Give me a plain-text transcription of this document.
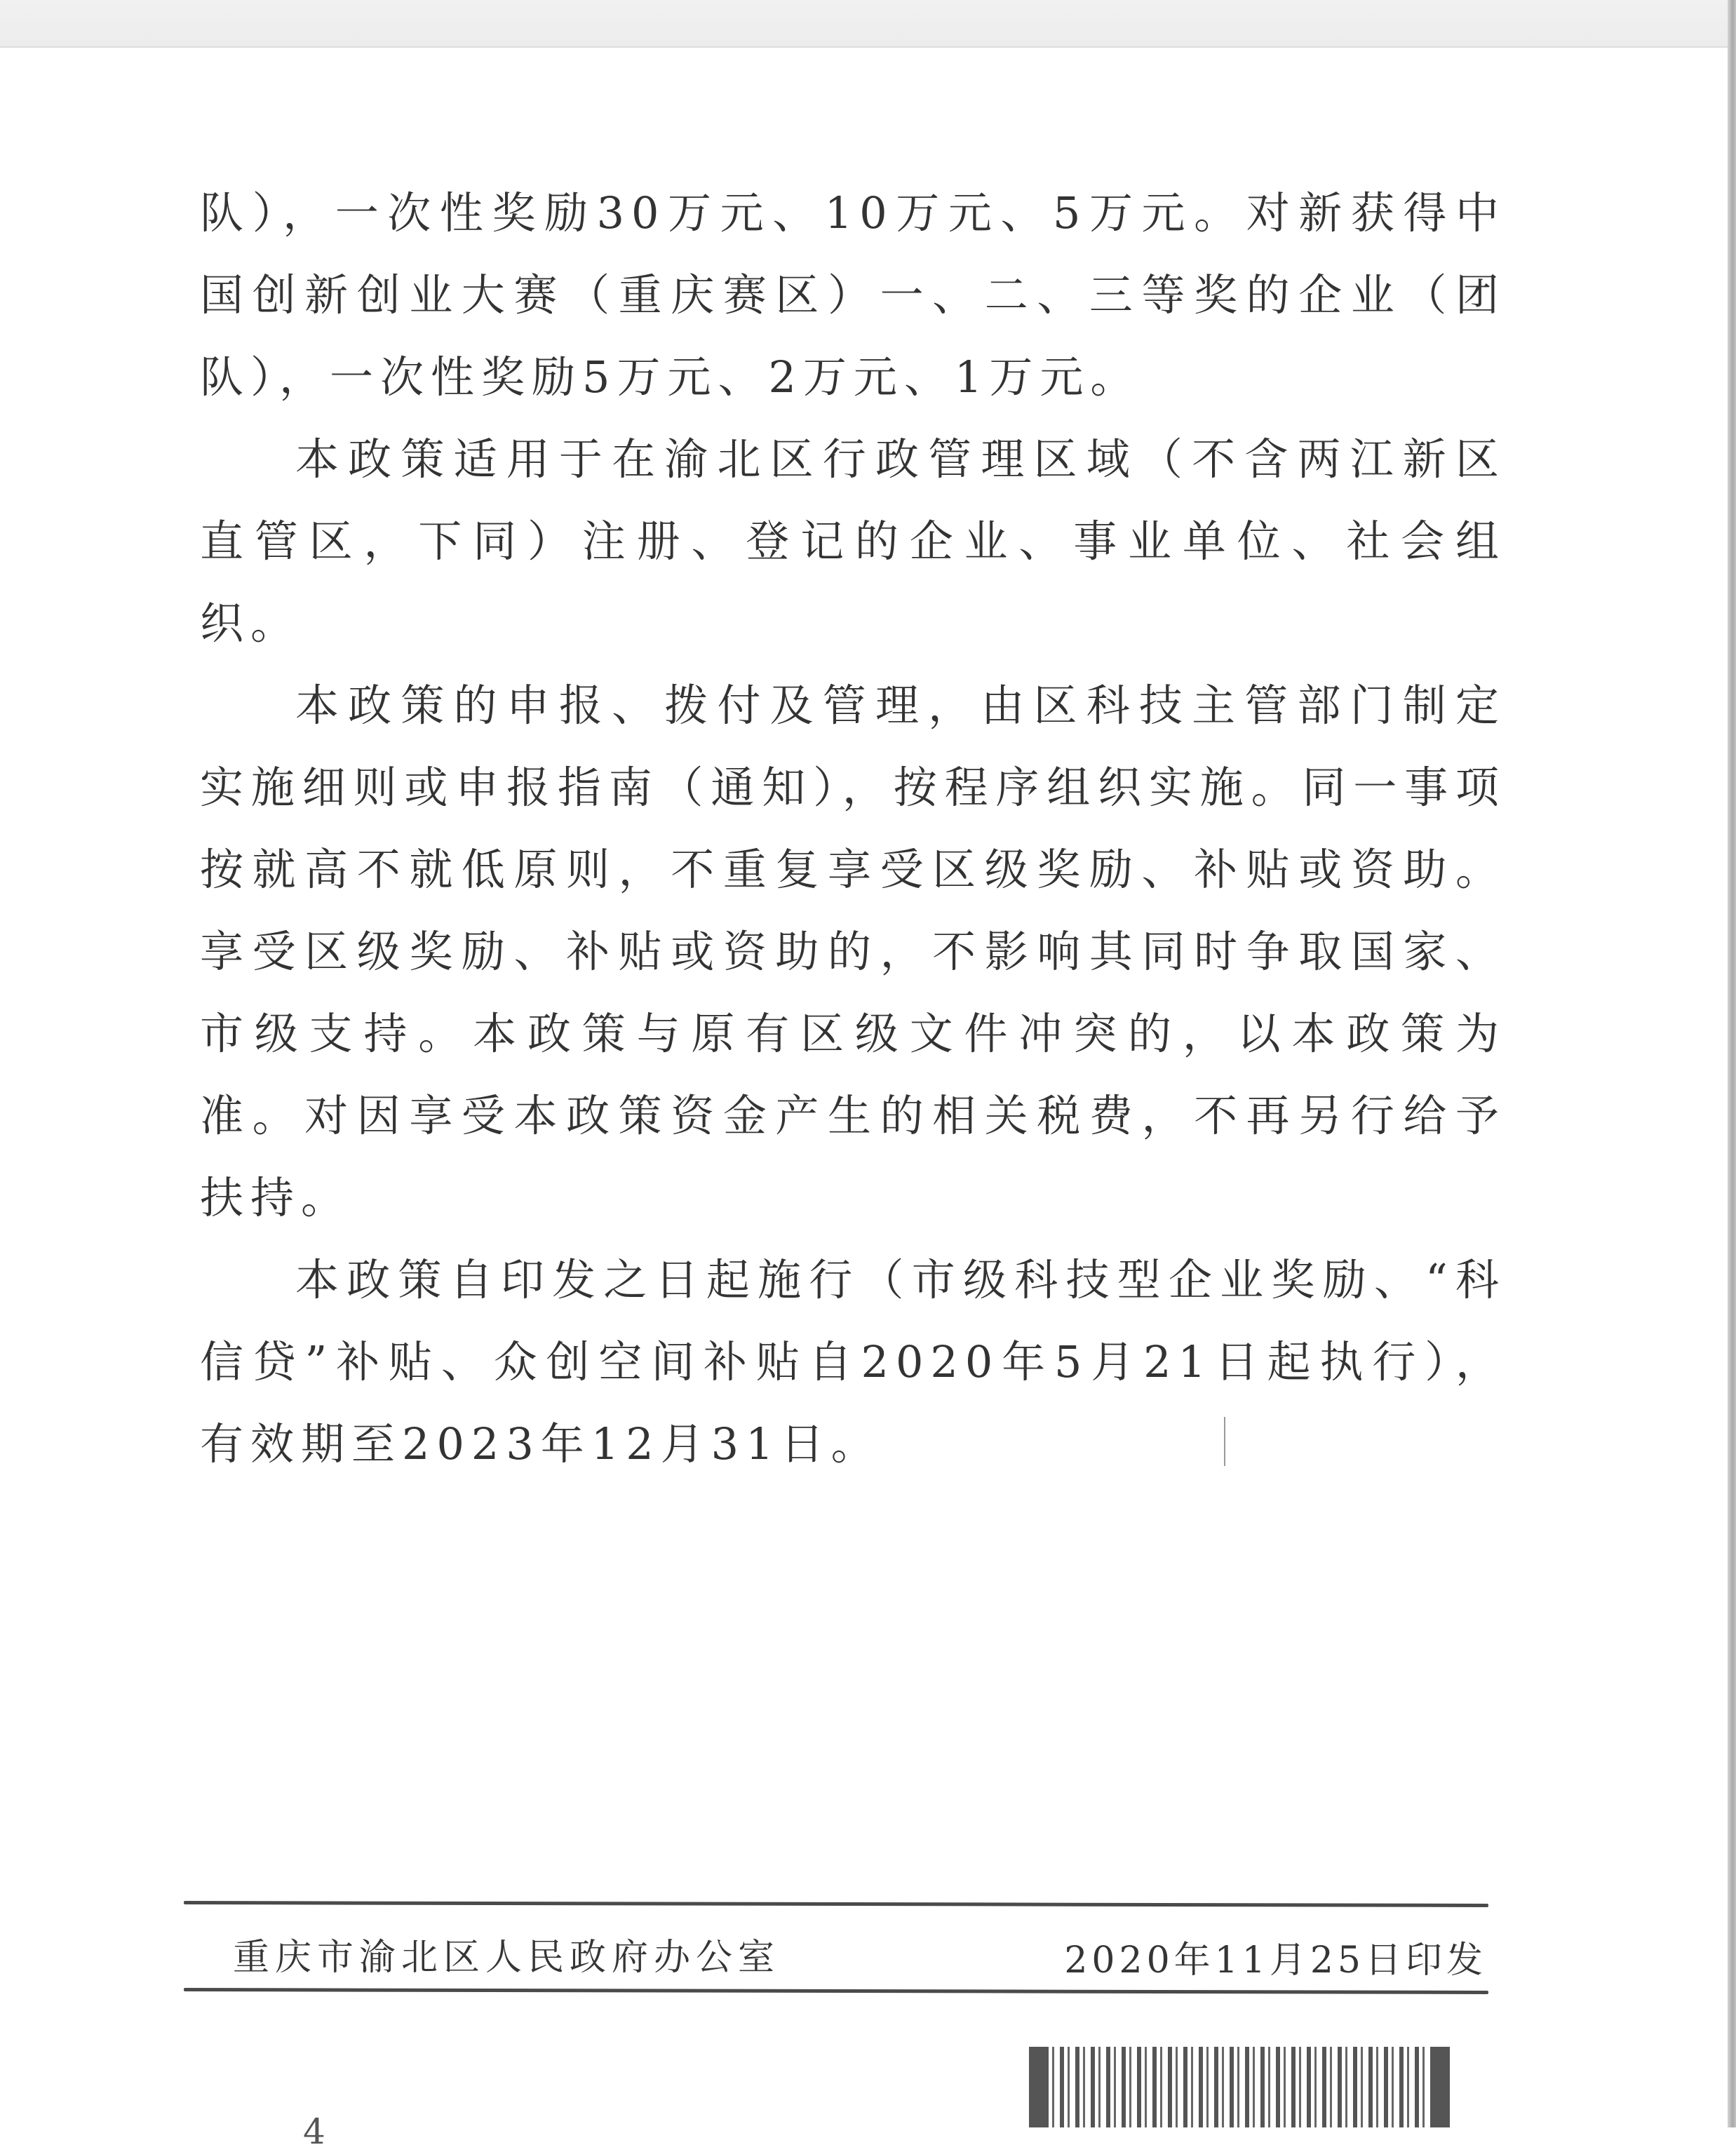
队），一次性奖励30万元、10万元、5万元。对新获得中国创新创业大赛（重庆赛区）一、二、三等奖的企业（团队），一次性奖励5万元、2万元、1万元。

本政策适用于在渝北区行政管理区域（不含两江新区直管区，下同）注册、登记的企业、事业单位、社会组织。

本政策的申报、拨付及管理，由区科技主管部门制定实施细则或申报指南（通知），按程序组织实施。同一事项按就高不就低原则，不重复享受区级奖励、补贴或资助。享受区级奖励、补贴或资助的，不影响其同时争取国家、市级支持。本政策与原有区级文件冲突的，以本政策为准。对因享受本政策资金产生的相关税费，不再另行给予扶持。

本政策自印发之日起施行（市级科技型企业奖励、“科信贷”补贴、众创空间补贴自2020年5月21日起执行），有效期至2023年12月31日。

重庆市渝北区人民政府办公室	2020年11月25日印发
4
